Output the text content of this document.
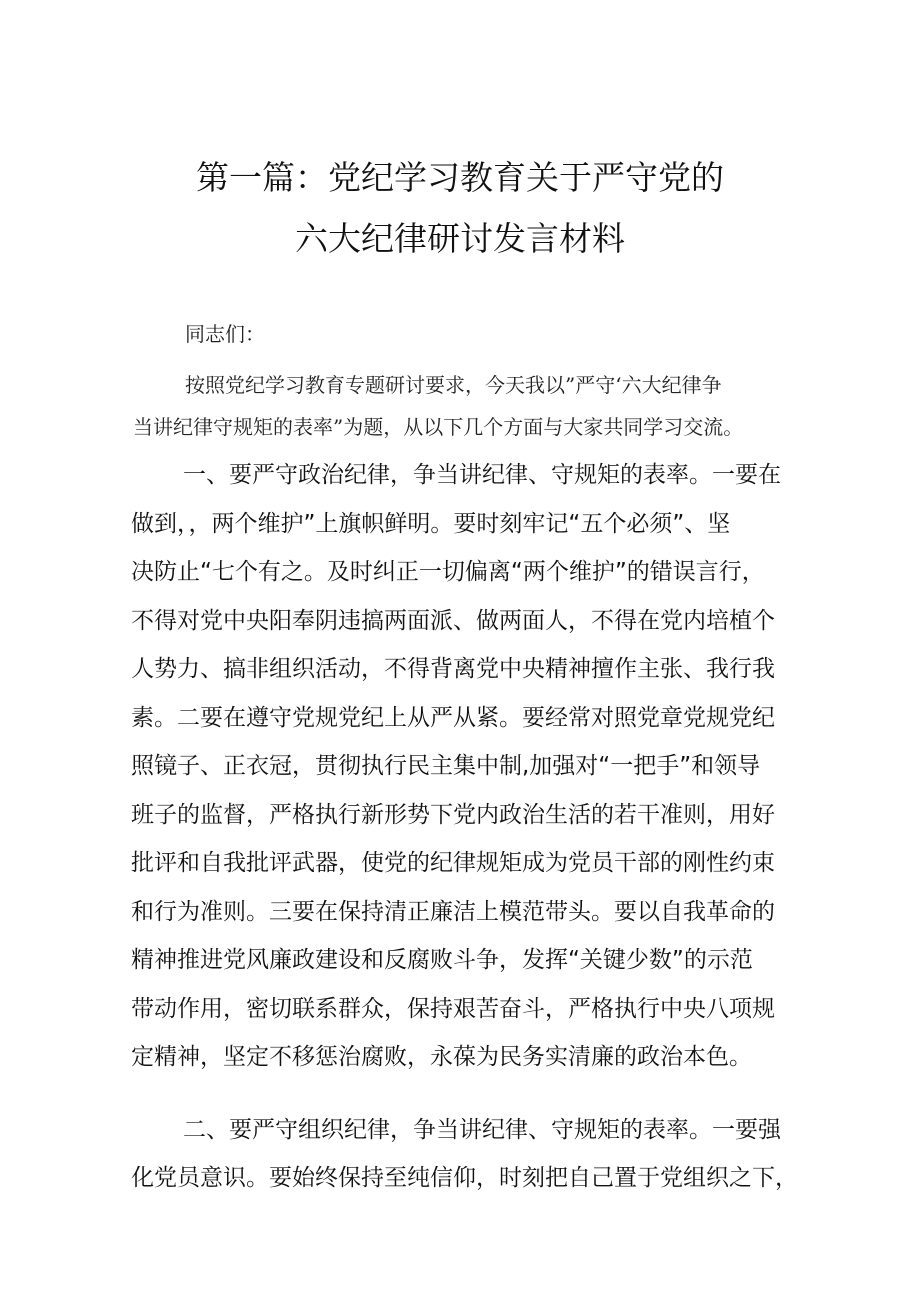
第一篇：党纪学习教育关于严守党的
六大纪律研讨发言材料

同志们：

按照党纪学习教育专题研讨要求，今天我以”严守‘六大纪律争

当讲纪律守规矩的表率”为题，从以下几个方面与大家共同学习交流。

一、要严守政治纪律，争当讲纪律、守规矩的表率。一要在

做到，，两个维护”上旗帜鲜明。要时刻牢记“五个必须”、坚

决防止“七个有之。及时纠正一切偏离“两个维护”的错误言行，

不得对党中央阳奉阴违搞两面派、做两面人，不得在党内培植个

人势力、搞非组织活动，不得背离党中央精神擅作主张、我行我

素。二要在遵守党规党纪上从严从紧。要经常对照党章党规党纪

照镜子、正衣冠，贯彻执行民主集中制,加强对“一把手”和领导

班子的监督，严格执行新形势下党内政治生活的若干准则，用好

批评和自我批评武器，使党的纪律规矩成为党员干部的刚性约束

和行为准则。三要在保持清正廉洁上模范带头。要以自我革命的

精神推进党风廉政建设和反腐败斗争，发挥“关键少数”的示范

带动作用，密切联系群众，保持艰苦奋斗，严格执行中央八项规

定精神，坚定不移惩治腐败，永葆为民务实清廉的政治本色。

二、要严守组织纪律，争当讲纪律、守规矩的表率。一要强

化党员意识。要始终保持至纯信仰，时刻把自己置于党组织之下，
